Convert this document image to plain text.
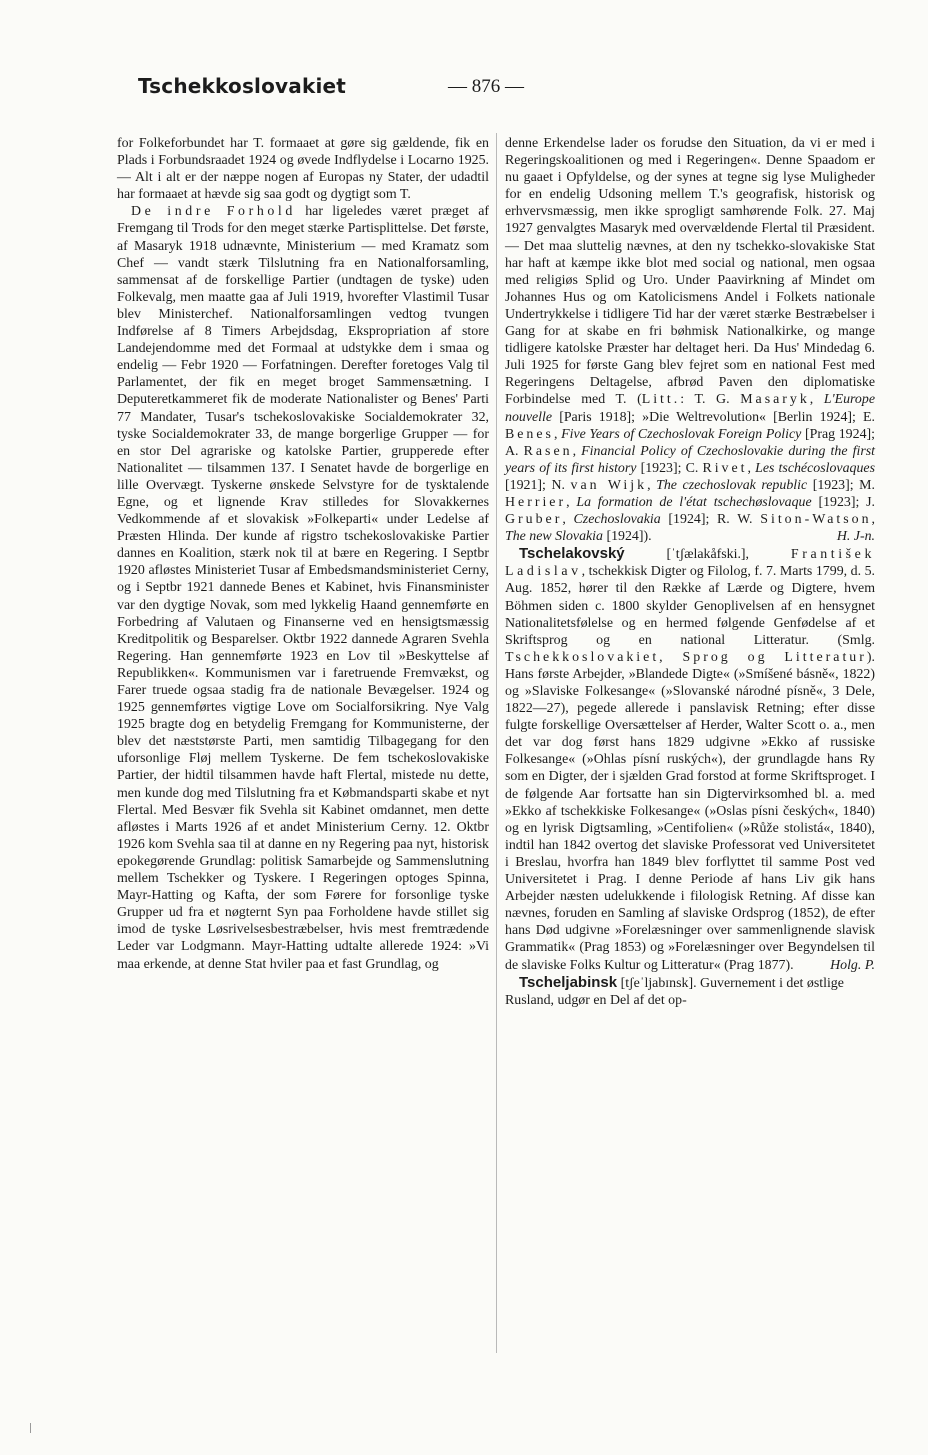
Tschekkoslovakiet	— 876 —

for Folkeforbundet har T. formaaet at gøre sig gældende, fik en Plads i Forbundsraadet 1924 og øvede Indflydelse i Locarno 1925. — Alt i alt er der næppe nogen af Europas ny Stater, der udadtil har formaaet at hævde sig saa godt og dygtigt som T.

De indre Forhold har ligeledes været præget af Fremgang til Trods for den meget stærke Partisplittelse. Det første, af Masaryk 1918 udnævnte, Ministerium — med Kramatz som Chef — vandt stærk Tilslutning fra en Nationalforsamling, sammensat af de forskellige Partier (undtagen de tyske) uden Folkevalg, men maatte gaa af Juli 1919, hvorefter Vlastimil Tusar blev Ministerchef. Nationalforsamlingen vedtog tvungen Indførelse af 8 Timers Arbejdsdag, Ekspropriation af store Landejendomme med det Formaal at udstykke dem i smaa og endelig — Febr 1920 — Forfatningen. Derefter foretoges Valg til Parlamentet, der fik en meget broget Sammensætning. I Deputeretkammeret fik de moderate Nationalister og Benes' Parti 77 Mandater, Tusar's tschekoslovakiske Socialdemokrater 32, tyske Socialdemokrater 33, de mange borgerlige Grupper — for en stor Del agrariske og katolske Partier, grupperede efter Nationalitet — tilsammen 137. I Senatet havde de borgerlige en lille Overvægt. Tyskerne ønskede Selvstyre for de tysktalende Egne, og et lignende Krav stilledes for Slovakkernes Vedkommende af et slovakisk »Folkeparti« under Ledelse af Præsten Hlinda. Der kunde af rigstro tschekoslovakiske Partier dannes en Koalition, stærk nok til at bære en Regering. I Septbr 1920 afløstes Ministeriet Tusar af Embedsmandsministeriet Cerny, og i Septbr 1921 dannede Benes et Kabinet, hvis Finansminister var den dygtige Novak, som med lykkelig Haand gennemførte en Forbedring af Valutaen og Finanserne ved en hensigtsmæssig Kreditpolitik og Besparelser. Oktbr 1922 dannede Agraren Svehla Regering. Han gennemførte 1923 en Lov til »Beskyttelse af Republikken«. Kommunismen var i faretruende Fremvækst, og Farer truede ogsaa stadig fra de nationale Bevægelser. 1924 og 1925 gennemførtes vigtige Love om Socialforsikring. Nye Valg 1925 bragte dog en betydelig Fremgang for Kommunisterne, der blev det næststørste Parti, men samtidig Tilbagegang for den uforsonlige Fløj mellem Tyskerne. De fem tschekoslovakiske Partier, der hidtil tilsammen havde haft Flertal, mistede nu dette, men kunde dog med Tilslutning fra et Købmandsparti skabe et nyt Flertal. Med Besvær fik Svehla sit Kabinet omdannet, men dette afløstes i Marts 1926 af et andet Ministerium Cerny. 12. Oktbr 1926 kom Svehla saa til at danne en ny Regering paa nyt, historisk epokegørende Grundlag: politisk Samarbejde og Sammenslutning mellem Tschekker og Tyskere. I Regeringen optoges Spinna, Mayr-Hatting og Kafta, der som Førere for forsonlige tyske Grupper ud fra et nøgternt Syn paa Forholdene havde stillet sig imod de tyske Løsrivelsesbestræbelser, hvis mest fremtrædende Leder var Lodgmann. Mayr-Hatting udtalte allerede 1924: »Vi maa erkende, at denne Stat hviler paa et fast Grundlag, og

denne Erkendelse lader os forudse den Situation, da vi er med i Regeringskoalitionen og med i Regeringen«. Denne Spaadom er nu gaaet i Opfyldelse, og der synes at tegne sig lyse Muligheder for en endelig Udsoning mellem T.'s geografisk, historisk og erhvervsmæssig, men ikke sprogligt samhørende Folk. 27. Maj 1927 genvalgtes Masaryk med overvældende Flertal til Præsident. — Det maa sluttelig nævnes, at den ny tschekko-slovakiske Stat har haft at kæmpe ikke blot med social og national, men ogsaa med religiøs Splid og Uro. Under Paavirkning af Mindet om Johannes Hus og om Katolicismens Andel i Folkets nationale Undertrykkelse i tidligere Tid har der været stærke Bestræbelser i Gang for at skabe en fri bøhmisk Nationalkirke, og mange tidligere katolske Præster har deltaget heri. Da Hus' Mindedag 6. Juli 1925 for første Gang blev fejret som en national Fest med Regeringens Deltagelse, afbrød Paven den diplomatiske Forbindelse med T. (Litt.: T. G. Masaryk, L'Europe nouvelle [Paris 1918]; »Die Weltrevolution« [Berlin 1924]; E. Benes, Five Years of Czechoslovak Foreign Policy [Prag 1924]; A. Rasen, Financial Policy of Czechoslovakie during the first years of its first history [1923]; C. Rivet, Les tschécoslovaques [1921]; N. van Wijk, The czechoslovak republic [1923]; M. Herrier, La formation de l'état tschechøslovaque [1923]; J. Gruber, Czechoslovakia [1924]; R. W. Siton-Watson, The new Slovakia [1924]).	H. J-n.

Tschelakovský [ˈtʃælakåfski.], František Ladislav, tschekkisk Digter og Filolog, f. 7. Marts 1799, d. 5. Aug. 1852, hører til den Række af Lærde og Digtere, hvem Böhmen siden c. 1800 skylder Genoplivelsen af en hensygnet Nationalitetsfølelse og en hermed følgende Genfødelse af et Skriftsprog og en national Litteratur. (Smlg. Tschekkoslovakiet, Sprog og Litteratur). Hans første Arbejder, »Blandede Digte« (»Smíšené básně«, 1822) og »Slaviske Folkesange« (»Slovanské národné písně«, 3 Dele, 1822—27), pegede allerede i panslavisk Retning; efter disse fulgte forskellige Oversættelser af Herder, Walter Scott o. a., men det var dog først hans 1829 udgivne »Ekko af russiske Folkesange« (»Ohlas písní ruských«), der grundlagde hans Ry som en Digter, der i sjælden Grad forstod at forme Skriftsproget. I de følgende Aar fortsatte han sin Digtervirksomhed bl. a. med »Ekko af tschekkiske Folkesange« (»Oslas písni českých«, 1840) og en lyrisk Digtsamling, »Centifolien« (»Růže stolistá«, 1840), indtil han 1842 overtog det slaviske Professorat ved Universitetet i Breslau, hvorfra han 1849 blev forflyttet til samme Post ved Universitetet i Prag. I denne Periode af hans Liv gik hans Arbejder næsten udelukkende i filologisk Retning. Af disse kan nævnes, foruden en Samling af slaviske Ordsprog (1852), de efter hans Død udgivne »Forelæsninger over sammenlignende slavisk Grammatik« (Prag 1853) og »Forelæsninger over Begyndelsen til de slaviske Folks Kultur og Litteratur« (Prag 1877).	Holg. P.

Tscheljabinsk [tʃeˈljabɪnsk]. Guvernement i det østlige Rusland, udgør en Del af det op-
